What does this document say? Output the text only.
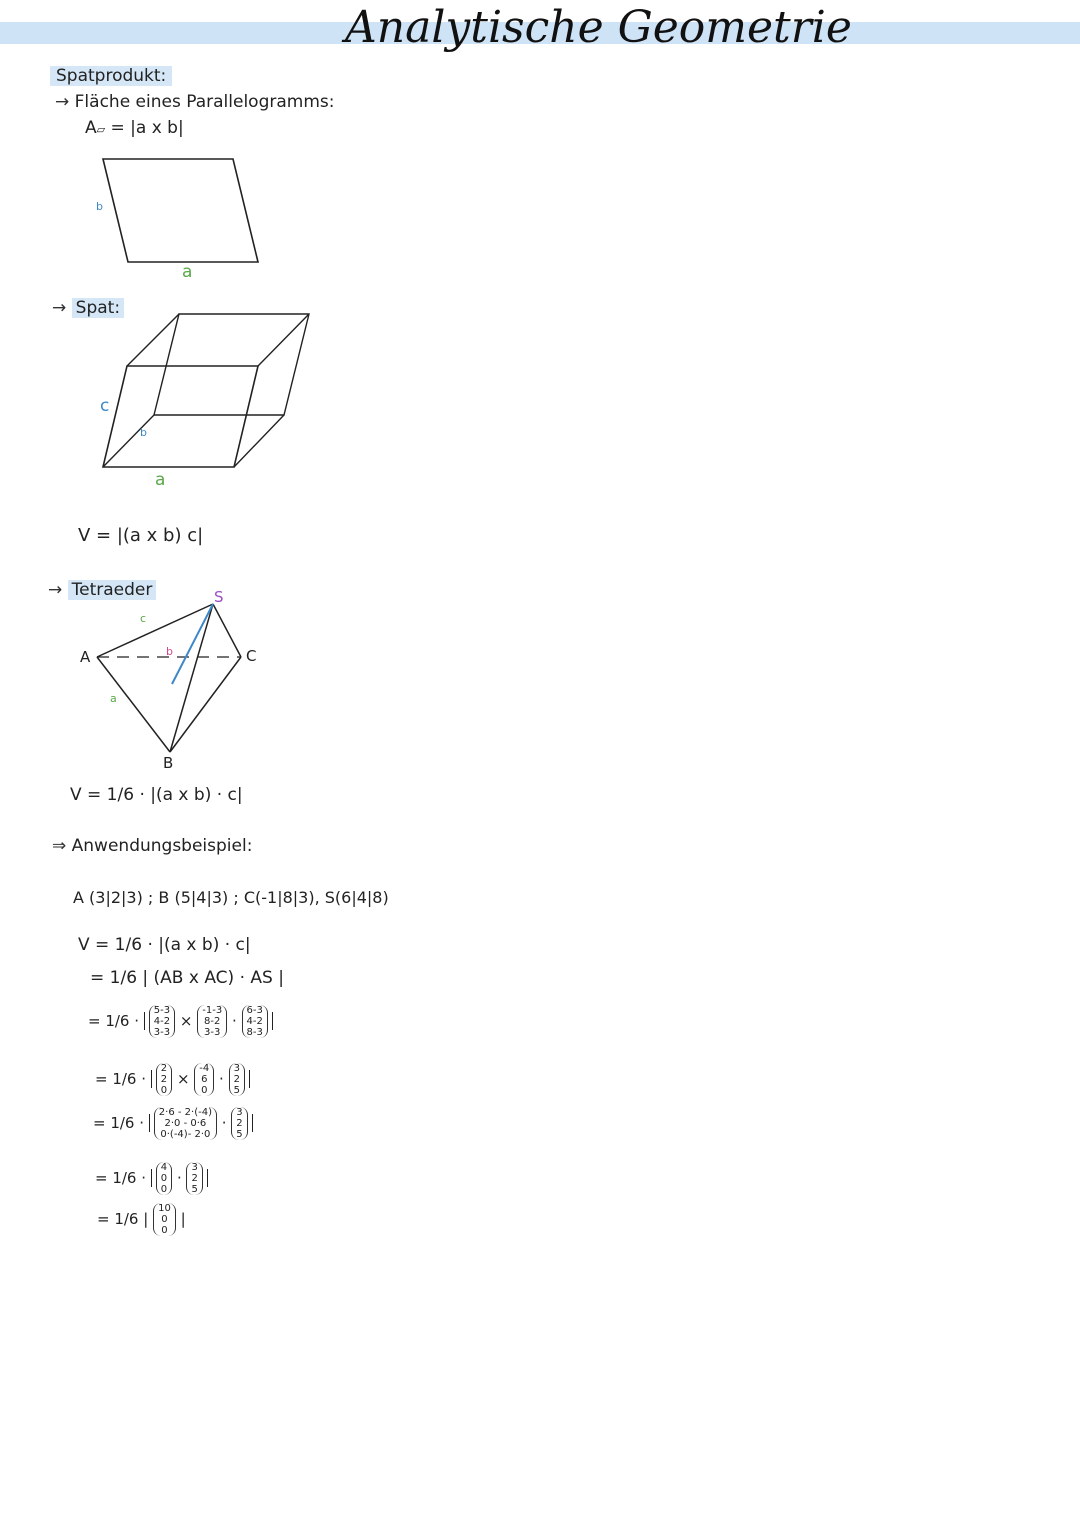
Analytische Geometrie
Spatprodukt:
→ Fläche eines Parallelogramms:
A▱ = |a x b|
b
a
→ Spat:
c
b
a
V = |(a x b) c|
→ Tetraeder
A
B
C
S
c
b
a
V = 1/6 · |(a x b) · c|
⇒ Anwendungsbeispiel:
A (3|2|3) ; B (5|4|3) ; C(-1|8|3), S(6|4|8)
V = 1/6 · |(a x b) · c|
= 1/6 | (AB x AC) · AS |
= 1/6 ·
5-3
4-2
3-3
×
-1-3
8-2
3-3
·
6-3
4-2
8-3
= 1/6 ·
2
2
0
×
-4
6
0
·
3
2
5
= 1/6 ·
2·6 - 2·(-4)
2·0 - 0·6
0·(-4)- 2·0
·
3
2
5
= 1/6 ·
4
0
0
·
3
2
5
= 1/6 |
10
0
0
|
